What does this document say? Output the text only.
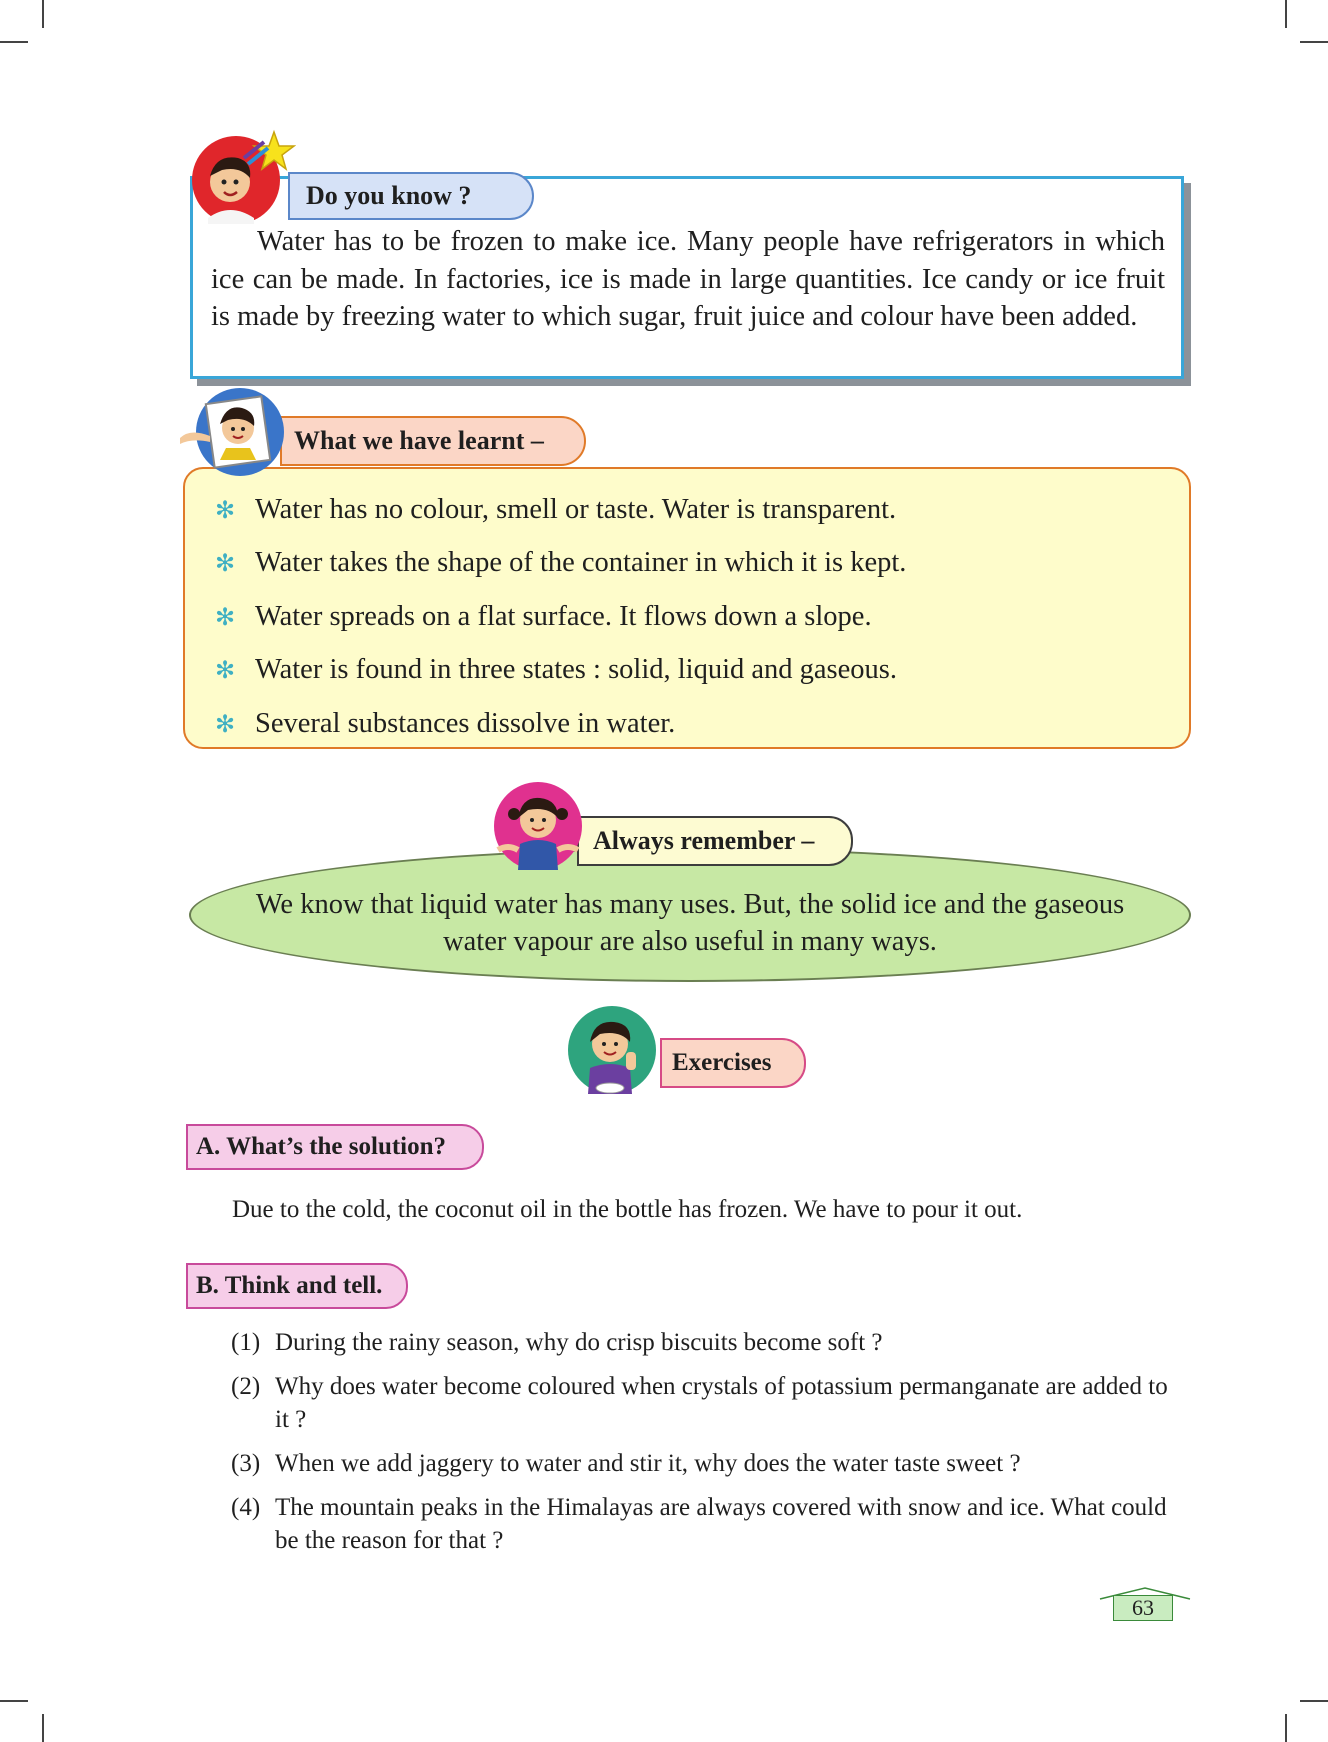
Water has to be frozen to make ice. Many people have refrigerators in which ice can be made. In factories, ice is made in large quantities. Ice candy or ice fruit is made by freezing water to which sugar, fruit juice and colour have been added.

Do you know ?
✻ Water has no colour, smell or taste. Water is transparent.
✻ Water takes the shape of the container in which it is kept.
✻ Water spreads on a flat surface. It flows down a slope.
✻ Water is found in three states : solid, liquid and gaseous.
✻ Several substances dissolve in water.
What we have learnt –

We know that liquid water has many uses. But, the solid ice and the gaseous water vapour are also useful in many ways.

Always remember –
Exercises
A. What’s the solution?

Due to the cold, the coconut oil in the bottle has frozen. We have to pour it out.

B. Think and tell.
(1) During the rainy season, why do crisp biscuits become soft ?
(2) Why does water become coloured when crystals of potassium permanganate are added to it ?
(3) When we add jaggery to water and stir it, why does the water taste sweet ?
(4) The mountain peaks in the Himalayas are always covered with snow and ice. What could be the reason for that ?
63
